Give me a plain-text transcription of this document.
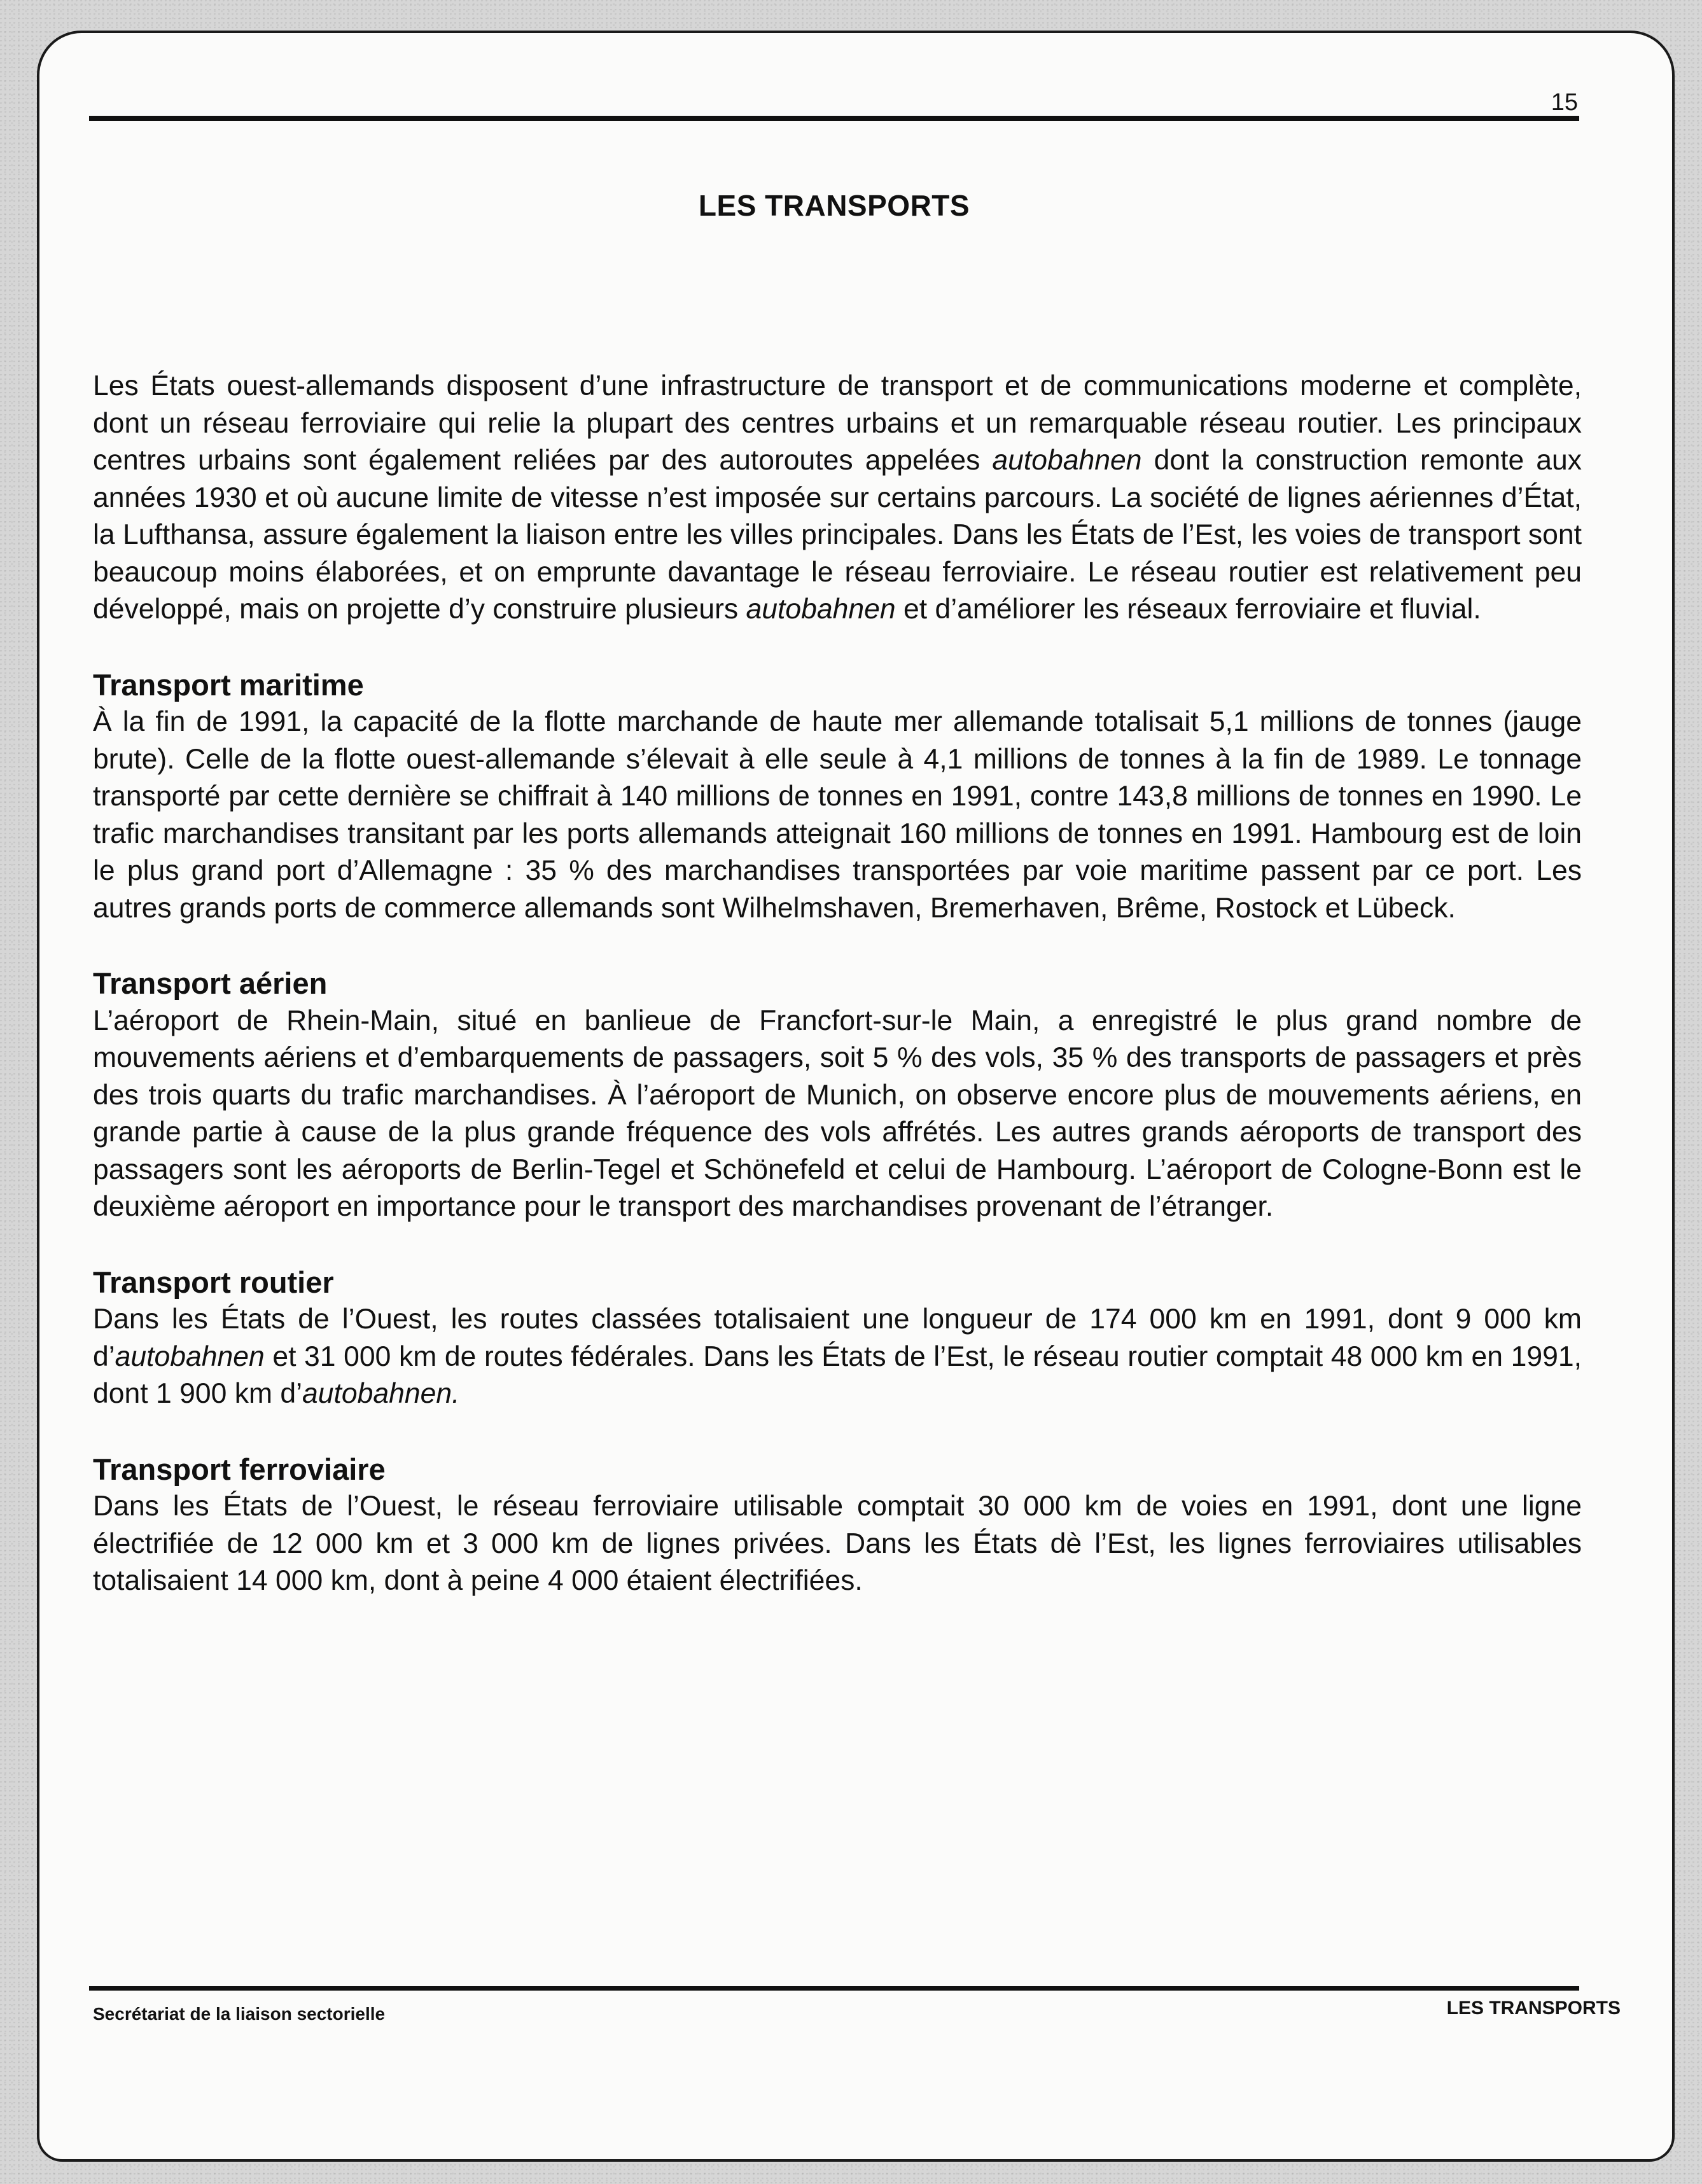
15
LES TRANSPORTS

Les États ouest-allemands disposent d’une infrastructure de transport et de communications moderne et complète, dont un réseau ferroviaire qui relie la plupart des centres urbains et un remarquable réseau routier. Les principaux centres urbains sont également reliées par des autoroutes appelées autobahnen dont la construction remonte aux années 1930 et où aucune limite de vitesse n’est imposée sur certains parcours. La société de lignes aériennes d’État, la Lufthansa, assure également la liaison entre les villes principales. Dans les États de l’Est, les voies de transport sont beaucoup moins élaborées, et on emprunte davantage le réseau ferroviaire. Le réseau routier est relativement peu développé, mais on projette d’y construire plusieurs autobahnen et d’améliorer les réseaux ferroviaire et fluvial.

Transport maritime

À la fin de 1991, la capacité de la flotte marchande de haute mer allemande totalisait 5,1 millions de tonnes (jauge brute). Celle de la flotte ouest-allemande s’élevait à elle seule à 4,1 millions de tonnes à la fin de 1989. Le tonnage transporté par cette dernière se chiffrait à 140 millions de tonnes en 1991, contre 143,8 millions de tonnes en 1990. Le trafic marchandises transitant par les ports allemands atteignait 160 millions de tonnes en 1991. Hambourg est de loin le plus grand port d’Allemagne : 35 % des marchandises transportées par voie maritime passent par ce port. Les autres grands ports de commerce allemands sont Wilhelmshaven, Bremerhaven, Brême, Rostock et Lübeck.

Transport aérien

L’aéroport de Rhein-Main, situé en banlieue de Francfort-sur-le Main, a enregistré le plus grand nombre de mouvements aériens et d’embarquements de passagers, soit 5 % des vols, 35 % des transports de passagers et près des trois quarts du trafic marchandises. À l’aéroport de Munich, on observe encore plus de mouvements aériens, en grande partie à cause de la plus grande fréquence des vols affrétés. Les autres grands aéroports de transport des passagers sont les aéroports de Berlin-Tegel et Schönefeld et celui de Hambourg. L’aéroport de Cologne-Bonn est le deuxième aéroport en importance pour le transport des marchandises provenant de l’étranger.

Transport routier

Dans les États de l’Ouest, les routes classées totalisaient une longueur de 174 000 km en 1991, dont 9 000 km d’autobahnen et 31 000 km de routes fédérales. Dans les États de l’Est, le réseau routier comptait 48 000 km en 1991, dont 1 900 km d’autobahnen.

Transport ferroviaire

Dans les États de l’Ouest, le réseau ferroviaire utilisable comptait 30 000 km de voies en 1991, dont une ligne électrifiée de 12 000 km et 3 000 km de lignes privées. Dans les États dè l’Est, les lignes ferroviaires utilisables totalisaient 14 000 km, dont à peine 4 000 étaient électrifiées.

Secrétariat de la liaison sectorielle	LES TRANSPORTS
